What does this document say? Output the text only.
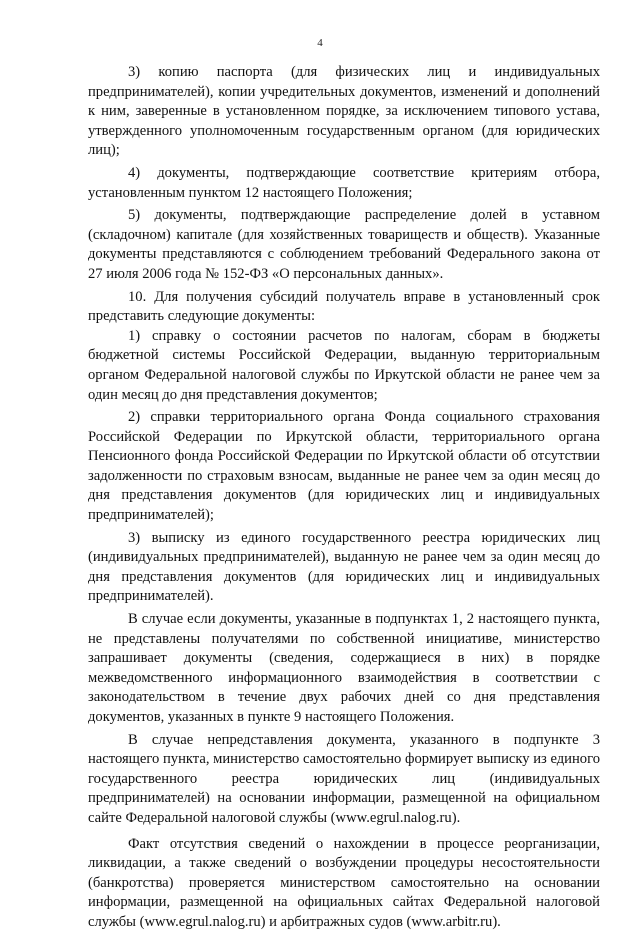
4

3) копию паспорта (для физических лиц и индивидуальных предпринимателей), копии учредительных документов, изменений и дополнений к ним, заверенные в установленном порядке, за исключением типового устава, утвержденного уполномоченным государственным органом (для юридических лиц);

4) документы, подтверждающие соответствие критериям отбора, установленным пунктом 12 настоящего Положения;

5) документы, подтверждающие распределение долей в уставном (складочном) капитале (для хозяйственных товариществ и обществ). Указанные документы представляются с соблюдением требований Федерального закона от 27 июля 2006 года № 152-ФЗ «О персональных данных».

10. Для получения субсидий получатель вправе в установленный срок представить следующие документы:

1) справку о состоянии расчетов по налогам, сборам в бюджеты бюджетной системы Российской Федерации, выданную территориальным органом Федеральной налоговой службы по Иркутской области не ранее чем за один месяц до дня представления документов;

2) справки территориального органа Фонда социального страхования Российской Федерации по Иркутской области, территориального органа Пенсионного фонда Российской Федерации по Иркутской области об отсутствии задолженности по страховым взносам, выданные не ранее чем за один месяц до дня представления документов (для юридических лиц и индивидуальных предпринимателей);

3) выписку из единого государственного реестра юридических лиц (индивидуальных предпринимателей), выданную не ранее чем за один месяц до дня представления документов (для юридических лиц и индивидуальных предпринимателей).

В случае если документы, указанные в подпунктах 1, 2 настоящего пункта, не представлены получателями по собственной инициативе, министерство запрашивает документы (сведения, содержащиеся в них) в порядке межведомственного информационного взаимодействия в соответствии с законодательством в течение двух рабочих дней со дня представления документов, указанных в пункте 9 настоящего Положения.

В случае непредставления документа, указанного в подпункте 3 настоящего пункта, министерство самостоятельно формирует выписку из единого государственного реестра юридических лиц (индивидуальных предпринимателей) на основании информации, размещенной на официальном сайте Федеральной налоговой службы (www.egrul.nalog.ru).

Факт отсутствия сведений о нахождении в процессе реорганизации, ликвидации, а также сведений о возбуждении процедуры несостоятельности (банкротства) проверяется министерством самостоятельно на основании информации, размещенной на официальных сайтах Федеральной налоговой службы (www.egrul.nalog.ru) и арбитражных судов (www.arbitr.ru).
